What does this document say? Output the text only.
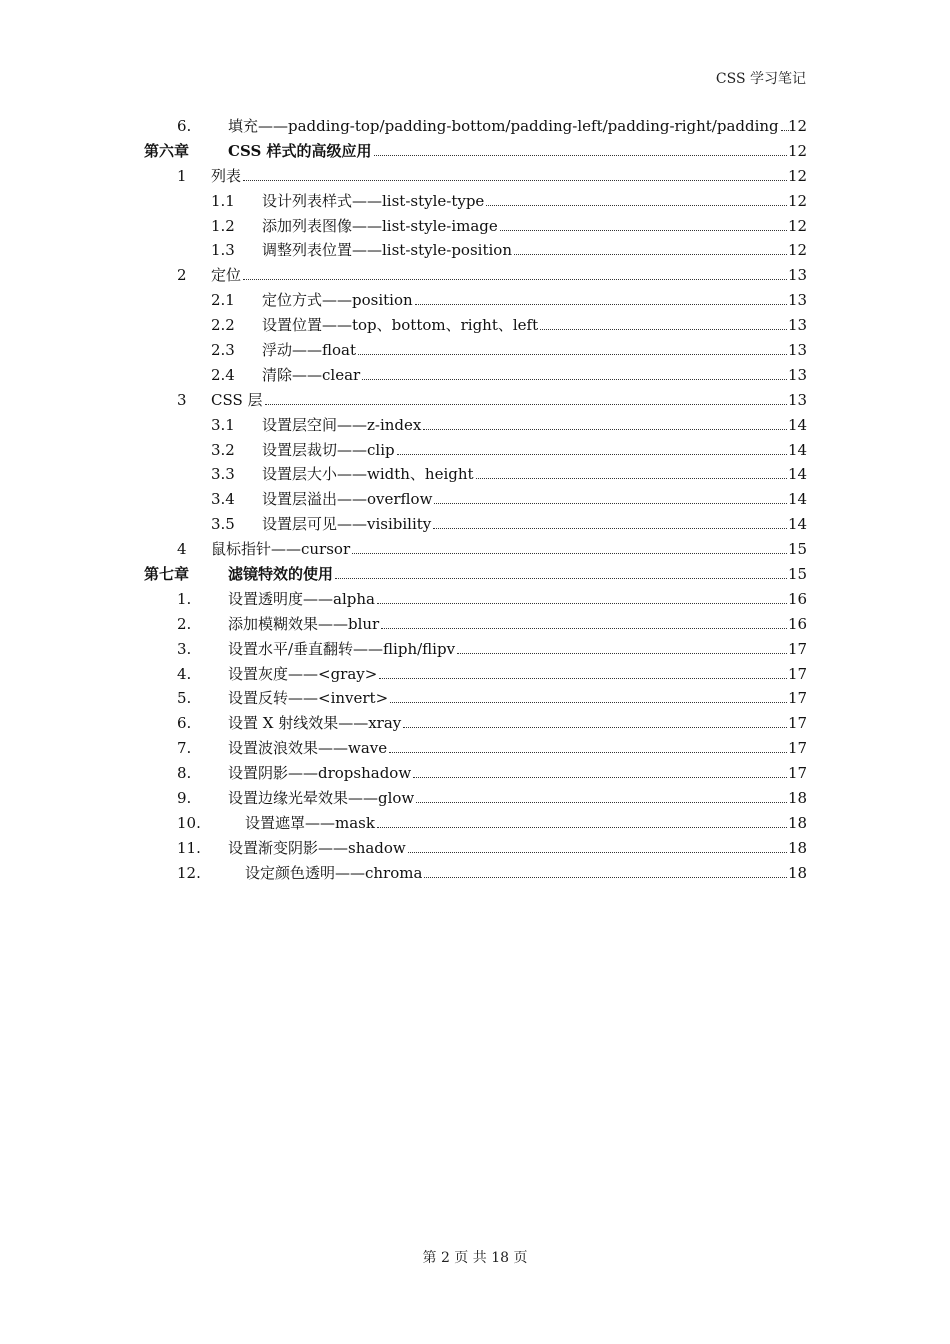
CSS 学习笔记
6. 填充——padding-top/padding-bottom/padding-left/padding-right/padding 12
第六章	CSS 样式的高级应用	12
1 列表	12
1.1 设计列表样式——list-style-type	12
1.2 添加列表图像——list-style-image	12
1.3 调整列表位置——list-style-position	12
2 定位	13
2.1 定位方式——position	13
2.2 设置位置——top、bottom、right、left	13
2.3 浮动——float	13
2.4 清除——clear	13
3 CSS 层	13
3.1 设置层空间——z-index	14
3.2 设置层裁切——clip	14
3.3 设置层大小——width、height	14
3.4 设置层溢出——overflow	14
3.5 设置层可见——visibility	14
4 鼠标指针——cursor	15
第七章	滤镜特效的使用	15
1. 设置透明度——alpha	16
2. 添加模糊效果——blur	16
3. 设置水平/垂直翻转——fliph/flipv	17
4. 设置灰度——<gray>	17
5. 设置反转——<invert>	17
6. 设置 X 射线效果——xray	17
7. 设置波浪效果——wave	17
8. 设置阴影——dropshadow	17
9. 设置边缘光晕效果——glow	18
10.	设置遮罩——mask	18
11. 设置渐变阴影——shadow	18
12.	设定颜色透明——chroma	18
第 2 页 共 18 页
